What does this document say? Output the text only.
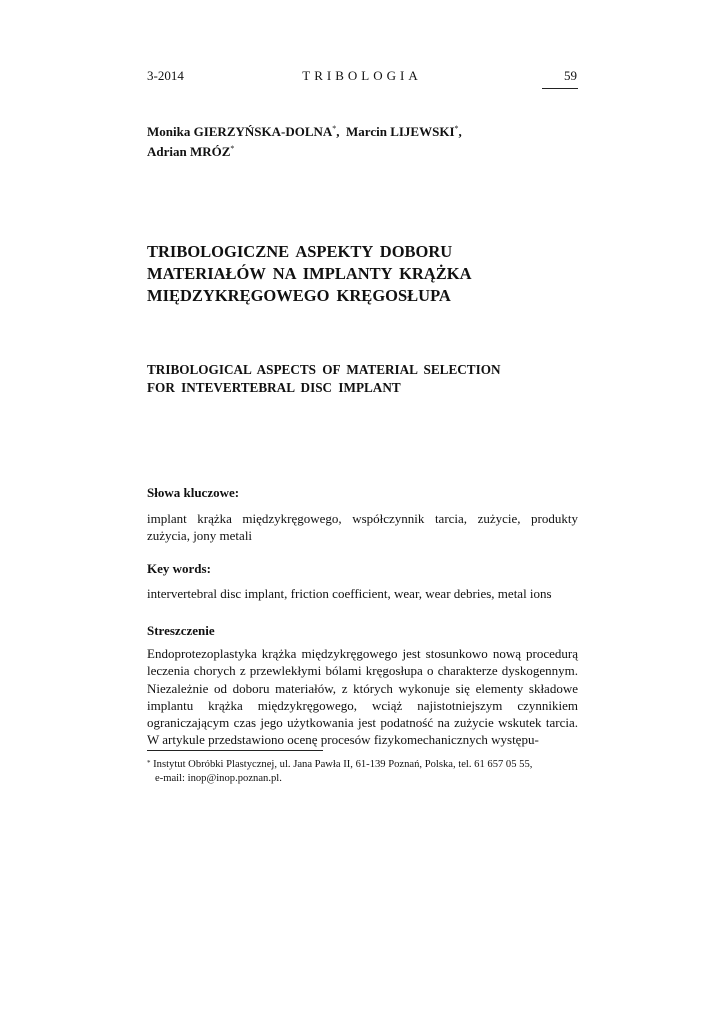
3-2014	TRIBOLOGIA	59
Monika GIERZYŃSKA-DOLNA*,  Marcin LIJEWSKI*,
Adrian MRÓZ*
TRIBOLOGICZNE ASPEKTY DOBORU
MATERIAŁÓW NA IMPLANTY KRĄŻKA
MIĘDZYKRĘGOWEGO KRĘGOSŁUPA
TRIBOLOGICAL ASPECTS OF MATERIAL SELECTION
FOR INTEVERTEBRAL DISC IMPLANT
Słowa kluczowe:
implant krążka międzykręgowego, współczynnik tarcia, zużycie, produkty zużycia, jony metali
Key words:
intervertebral disc implant, friction coefficient, wear, wear debries, metal ions
Streszczenie
Endoprotezoplastyka krążka międzykręgowego jest stosunkowo nową procedurą leczenia chorych z przewlekłymi bólami kręgosłupa o charakterze dyskogennym. Niezależnie od doboru materiałów, z których wykonuje się elementy składowe implantu krążka międzykręgowego, wciąż najistotniejszym czynnikiem ograniczającym czas jego użytkowania jest podatność na zużycie wskutek tarcia. W artykule przedstawiono ocenę procesów fizykomechanicznych występu-
* Instytut Obróbki Plastycznej, ul. Jana Pawła II, 61-139 Poznań, Polska, tel. 61 657 05 55,
e-mail: inop@inop.poznan.pl.
